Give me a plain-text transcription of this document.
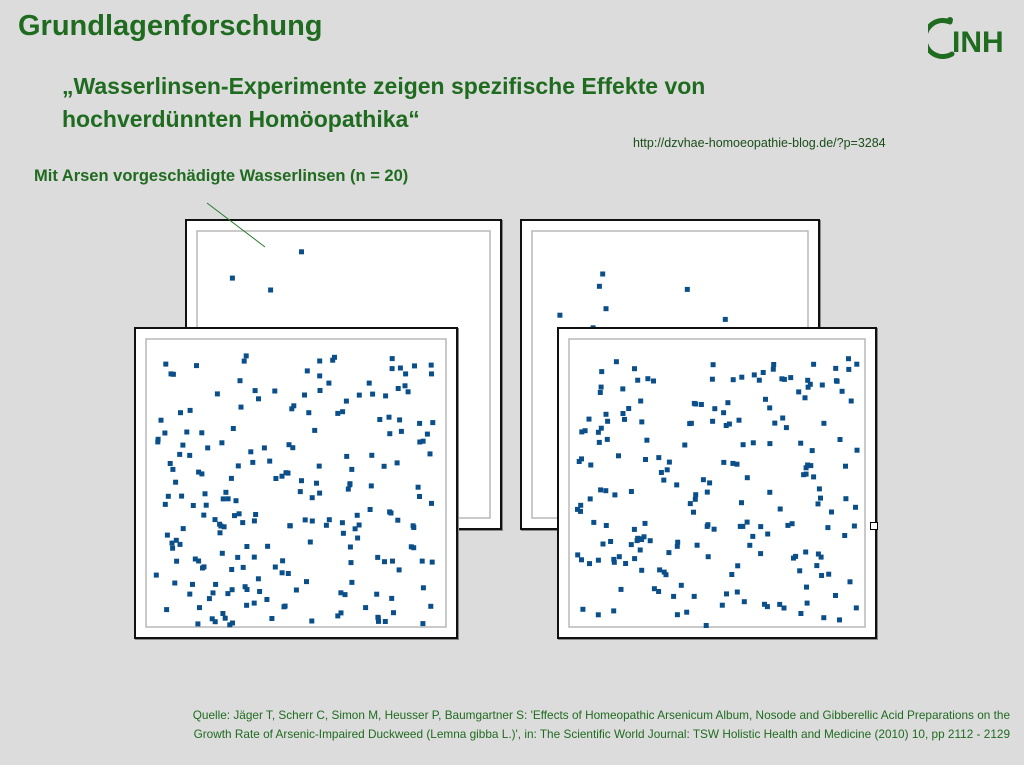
Grundlagenforschung	INH
„Wasserlinsen-Experimente zeigen spezifische Effekte von
hochverdünnten Homöopathika“
http://dzvhae-homoeopathie-blog.de/?p=3284
Mit Arsen vorgeschädigte Wasserlinsen (n = 20)
Quelle: Jäger T, Scherr C, Simon M, Heusser P, Baumgartner S: 'Effects of Homeopathic Arsenicum Album, Nosode and Gibberellic Acid Preparations on the
Growth Rate of Arsenic-Impaired Duckweed (Lemna gibba L.)', in: The Scientific World Journal: TSW Holistic Health and Medicine (2010) 10, pp 2112 - 2129
